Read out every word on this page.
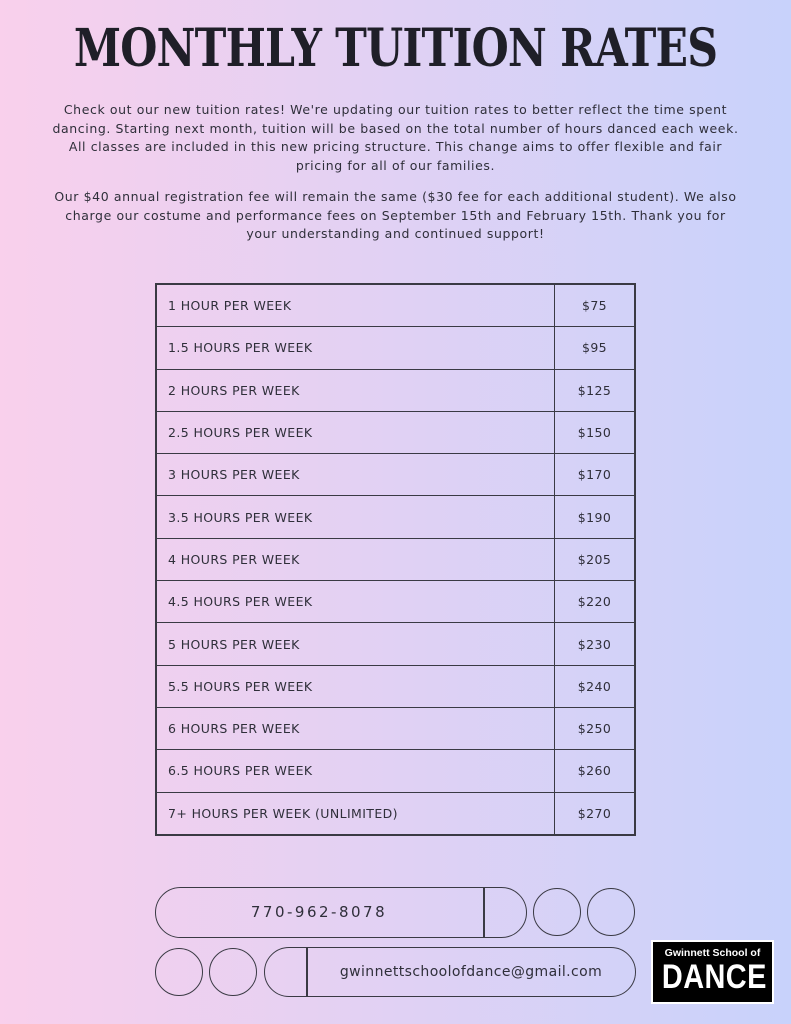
MONTHLY TUITION RATES

Check out our new tuition rates! We're updating our tuition rates to better reflect the time spent dancing. Starting next month, tuition will be based on the total number of hours danced each week. All classes are included in this new pricing structure. This change aims to offer flexible and fair pricing for all of our families.

Our $40 annual registration fee will remain the same ($30 fee for each additional student). We also charge our costume and performance fees on September 15th and February 15th. Thank you for your understanding and continued support!

1 HOUR PER WEEK	$75
1.5 HOURS PER WEEK	$95
2 HOURS PER WEEK	$125
2.5 HOURS PER WEEK	$150
3 HOURS PER WEEK	$170
3.5 HOURS PER WEEK	$190
4 HOURS PER WEEK	$205
4.5 HOURS PER WEEK	$220
5 HOURS PER WEEK	$230
5.5 HOURS PER WEEK	$240
6 HOURS PER WEEK	$250
6.5 HOURS PER WEEK	$260
7+ HOURS PER WEEK (UNLIMITED)	$270
770-962-8078
gwinnettschoolofdance@gmail.com
Gwinnett School of
DANCE
